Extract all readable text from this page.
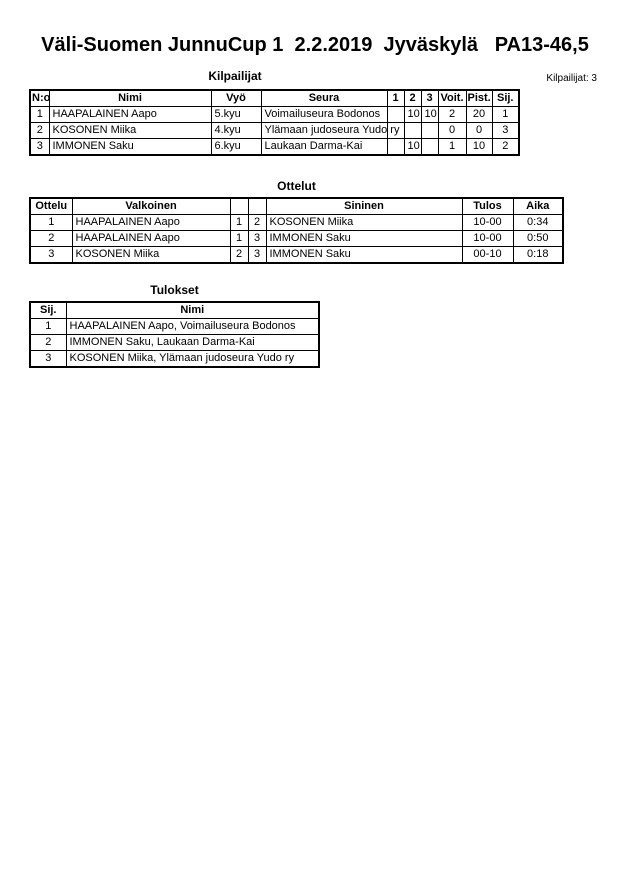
Väli-Suomen JunnuCup 1  2.2.2019  Jyväskylä   PA13-46,5
Kilpailijat: 3
Kilpailijat
N:o	Nimi	Vyö	Seura	1	2	3	Voit.	Pist.	Sij.
1	HAAPALAINEN Aapo	5.kyu	Voimailuseura Bodonos		10	10	2	20	1
2	KOSONEN Miika	4.kyu	Ylämaan judoseura Yudo ry				0	0	3
3	IMMONEN Saku	6.kyu	Laukaan Darma-Kai		10		1	10	2
Ottelut
Ottelu	Valkoinen			Sininen	Tulos	Aika
1	HAAPALAINEN Aapo	1	2	KOSONEN Miika	10-00	0:34
2	HAAPALAINEN Aapo	1	3	IMMONEN Saku	10-00	0:50
3	KOSONEN Miika	2	3	IMMONEN Saku	00-10	0:18
Tulokset
Sij.	Nimi
1	HAAPALAINEN Aapo, Voimailuseura Bodonos
2	IMMONEN Saku, Laukaan Darma-Kai
3	KOSONEN Miika, Ylämaan judoseura Yudo ry
